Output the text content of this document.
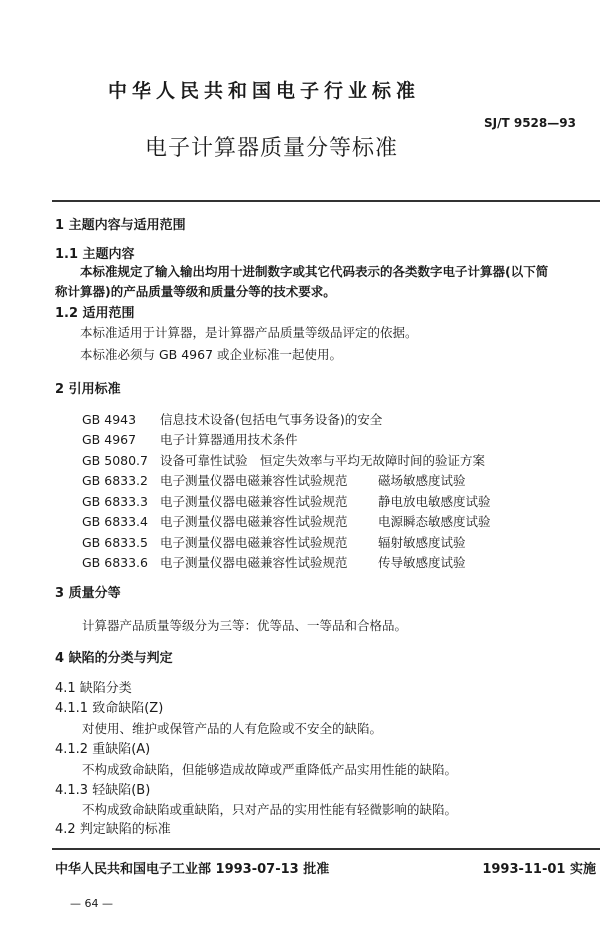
中华人民共和国电子行业标准
SJ/T 9528—93
电子计算器质量分等标准
1 主题内容与适用范围
1.1 主题内容
本标准规定了输入输出均用十进制数字或其它代码表示的各类数字电子计算器(以下简
称计算器)的产品质量等级和质量分等的技术要求。
1.2 适用范围
本标准适用于计算器，是计算器产品质量等级品评定的依据。
本标准必须与 GB 4967 或企业标准一起使用。
2 引用标准
GB 4943 信息技术设备(包括电气事务设备)的安全
GB 4967 电子计算器通用技术条件
GB 5080.7 设备可靠性试验　恒定失效率与平均无故障时间的验证方案
GB 6833.2 电子测量仪器电磁兼容性试验规范 磁场敏感度试验
GB 6833.3 电子测量仪器电磁兼容性试验规范 静电放电敏感度试验
GB 6833.4 电子测量仪器电磁兼容性试验规范 电源瞬态敏感度试验
GB 6833.5 电子测量仪器电磁兼容性试验规范 辐射敏感度试验
GB 6833.6 电子测量仪器电磁兼容性试验规范 传导敏感度试验
3 质量分等
计算器产品质量等级分为三等：优等品、一等品和合格品。
4 缺陷的分类与判定
4.1 缺陷分类
4.1.1 致命缺陷(Z)
对使用、维护或保管产品的人有危险或不安全的缺陷。
4.1.2 重缺陷(A)
不构成致命缺陷，但能够造成故障或严重降低产品实用性能的缺陷。
4.1.3 轻缺陷(B)
不构成致命缺陷或重缺陷，只对产品的实用性能有轻微影响的缺陷。
4.2 判定缺陷的标准
中华人民共和国电子工业部 1993-07-13 批准	1993-11-01 实施
— 64 —
